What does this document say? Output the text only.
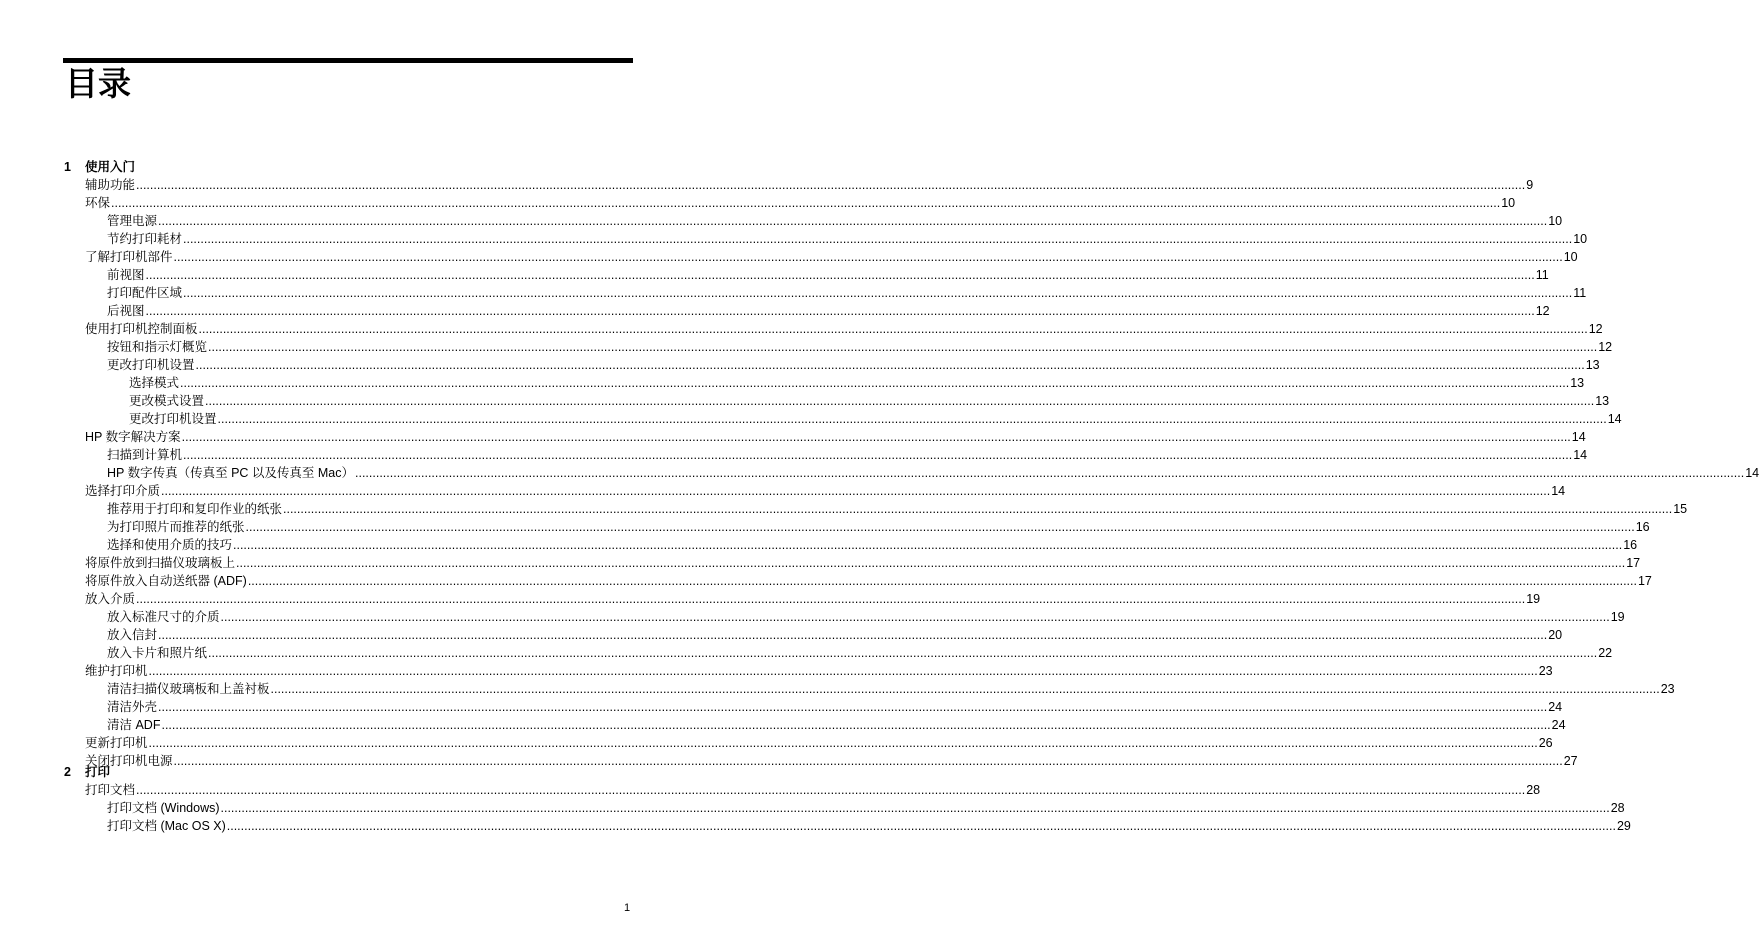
目录
1 使用入门
辅助功能 ................................................................................................................................................................................................................................................................................................................................................................................................................ 9
环保 ................................................................................................................................................................................................................................................................................................................................................................................................................ 10
管理电源 ................................................................................................................................................................................................................................................................................................................................................................................................................ 10
节约打印耗材 ................................................................................................................................................................................................................................................................................................................................................................................................................ 10
了解打印机部件 ................................................................................................................................................................................................................................................................................................................................................................................................................ 10
前视图 ................................................................................................................................................................................................................................................................................................................................................................................................................ 11
打印配件区域 ................................................................................................................................................................................................................................................................................................................................................................................................................ 11
后视图 ................................................................................................................................................................................................................................................................................................................................................................................................................ 12
使用打印机控制面板 ................................................................................................................................................................................................................................................................................................................................................................................................................ 12
按钮和指示灯概览 ................................................................................................................................................................................................................................................................................................................................................................................................................ 12
更改打印机设置 ................................................................................................................................................................................................................................................................................................................................................................................................................ 13
选择模式 ................................................................................................................................................................................................................................................................................................................................................................................................................ 13
更改模式设置 ................................................................................................................................................................................................................................................................................................................................................................................................................ 13
更改打印机设置 ................................................................................................................................................................................................................................................................................................................................................................................................................ 14
HP 数字解决方案 ................................................................................................................................................................................................................................................................................................................................................................................................................ 14
扫描到计算机 ................................................................................................................................................................................................................................................................................................................................................................................................................ 14
HP 数字传真（传真至 PC 以及传真至 Mac） ................................................................................................................................................................................................................................................................................................................................................................................................................ 14
选择打印介质 ................................................................................................................................................................................................................................................................................................................................................................................................................ 14
推荐用于打印和复印作业的纸张 ................................................................................................................................................................................................................................................................................................................................................................................................................ 15
为打印照片而推荐的纸张 ................................................................................................................................................................................................................................................................................................................................................................................................................ 16
选择和使用介质的技巧 ................................................................................................................................................................................................................................................................................................................................................................................................................ 16
将原件放到扫描仪玻璃板上 ................................................................................................................................................................................................................................................................................................................................................................................................................ 17
将原件放入自动送纸器 (ADF) ................................................................................................................................................................................................................................................................................................................................................................................................................ 17
放入介质 ................................................................................................................................................................................................................................................................................................................................................................................................................ 19
放入标准尺寸的介质 ................................................................................................................................................................................................................................................................................................................................................................................................................ 19
放入信封 ................................................................................................................................................................................................................................................................................................................................................................................................................ 20
放入卡片和照片纸 ................................................................................................................................................................................................................................................................................................................................................................................................................ 22
维护打印机 ................................................................................................................................................................................................................................................................................................................................................................................................................ 23
清洁扫描仪玻璃板和上盖衬板 ................................................................................................................................................................................................................................................................................................................................................................................................................ 23
清洁外壳 ................................................................................................................................................................................................................................................................................................................................................................................................................ 24
清洁 ADF ................................................................................................................................................................................................................................................................................................................................................................................................................ 24
更新打印机 ................................................................................................................................................................................................................................................................................................................................................................................................................ 26
关闭打印机电源 ................................................................................................................................................................................................................................................................................................................................................................................................................ 27
2 打印
打印文档 ................................................................................................................................................................................................................................................................................................................................................................................................................ 28
打印文档 (Windows) ................................................................................................................................................................................................................................................................................................................................................................................................................ 28
打印文档 (Mac OS X) ................................................................................................................................................................................................................................................................................................................................................................................................................ 29
1
